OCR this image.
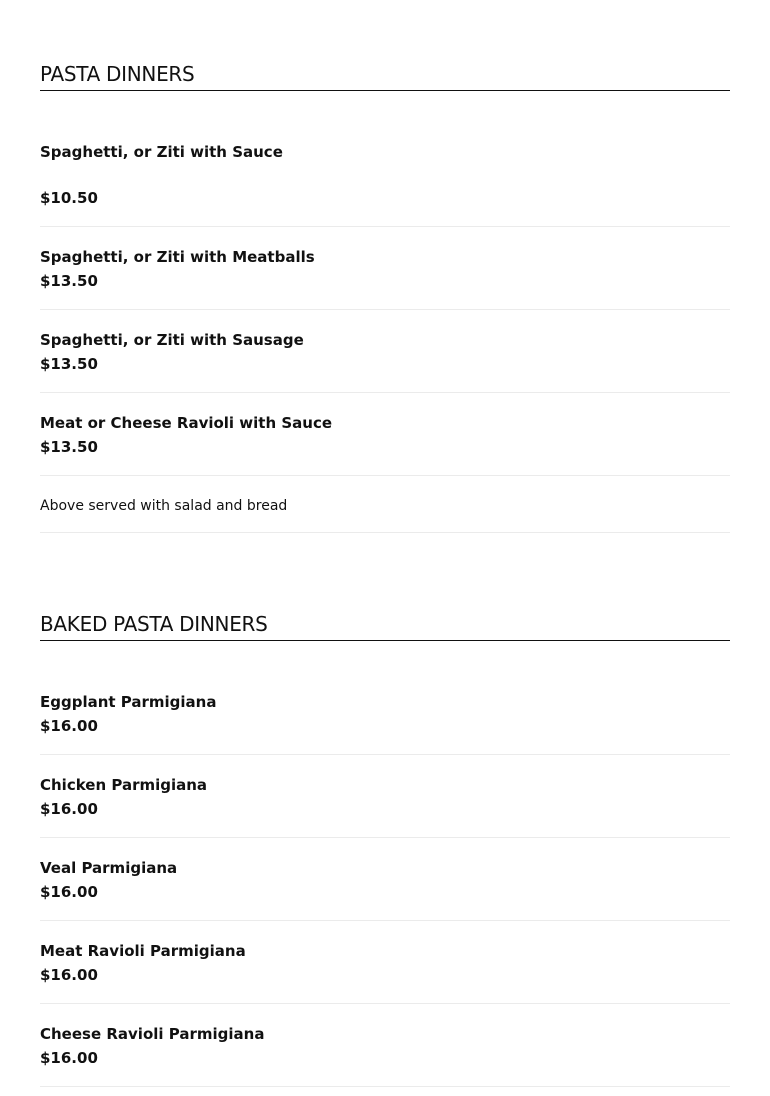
PASTA DINNERS
Spaghetti, or Ziti with Sauce
$10.50
Spaghetti, or Ziti with Meatballs
$13.50
Spaghetti, or Ziti with Sausage
$13.50
Meat or Cheese Ravioli with Sauce
$13.50
Above served with salad and bread
BAKED PASTA DINNERS
Eggplant Parmigiana
$16.00
Chicken Parmigiana
$16.00
Veal Parmigiana
$16.00
Meat Ravioli Parmigiana
$16.00
Cheese Ravioli Parmigiana
$16.00
